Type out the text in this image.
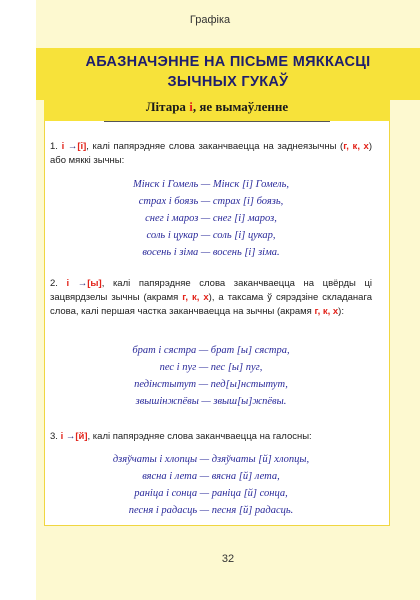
Графіка
АБАЗНАЧЭННЕ НА ПІСЬМЕ МЯККАСЦІ
ЗЫЧНЫХ ГУКАЎ
Літара і, яе вымаўленне
1. і →[і], калі папярэдняе слова заканчваецца на заднеязычны (г, к, х) або мяккі зычны:
Мінск і Гомель — Мінск [і] Гомель,
страх і боязь — страх [і] боязь,
снег і мароз — снег [і] мароз,
соль і цукар — соль [і] цукар,
восень і зіма — восень [і] зіма.
2. і →[ы], калі папярэдняе слова заканчваецца на цвёрды ці зацвярдзелы зычны (акрамя г, к, х), а таксама ў сярэдзіне складанага слова, калі першая частка заканчваецца на зычны (акрамя г, к, х):
брат і сястра — брат [ы] сястра,
пес і пуг — пес [ы] пуг,
педінстытут — пед[ы]нстытут,
звышінжпёвы — звыш[ы]жпёвы.
3. і →[й], калі папярэдняе слова заканчваецца на галосны:
дзяўчаты і хлопцы — дзяўчаты [й] хлопцы,
вясна і лета — вясна [й] лета,
раніца і сонца — раніца [й] сонца,
песня і радасць — песня [й] радасць.
32
